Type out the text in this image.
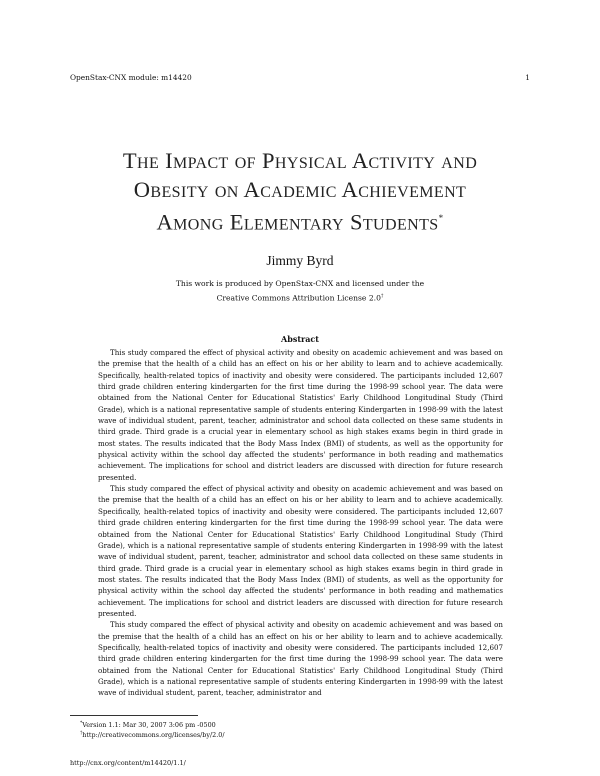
OpenStax-CNX module: m14420	1
The Impact of Physical Activity and
Obesity on Academic Achievement
Among Elementary Students*
Jimmy Byrd
This work is produced by OpenStax-CNX and licensed under the
Creative Commons Attribution License 2.0†
Abstract

This study compared the effect of physical activity and obesity on academic achievement and was based on the premise that the health of a child has an effect on his or her ability to learn and to achieve academically. Specifically, health-related topics of inactivity and obesity were considered. The participants included 12,607 third grade children entering kindergarten for the first time during the 1998-99 school year. The data were obtained from the National Center for Educational Statistics' Early Childhood Longitudinal Study (Third Grade), which is a national representative sample of students entering Kindergarten in 1998-99 with the latest wave of individual student, parent, teacher, administrator and school data collected on these same students in third grade. Third grade is a crucial year in elementary school as high stakes exams begin in third grade in most states. The results indicated that the Body Mass Index (BMI) of students, as well as the opportunity for physical activity within the school day affected the students' performance in both reading and mathematics achievement. The implications for school and district leaders are discussed with direction for future research presented.

This study compared the effect of physical activity and obesity on academic achievement and was based on the premise that the health of a child has an effect on his or her ability to learn and to achieve academically. Specifically, health-related topics of inactivity and obesity were considered. The participants included 12,607 third grade children entering kindergarten for the first time during the 1998-99 school year. The data were obtained from the National Center for Educational Statistics' Early Childhood Longitudinal Study (Third Grade), which is a national representative sample of students entering Kindergarten in 1998-99 with the latest wave of individual student, parent, teacher, administrator and school data collected on these same students in third grade. Third grade is a crucial year in elementary school as high stakes exams begin in third grade in most states. The results indicated that the Body Mass Index (BMI) of students, as well as the opportunity for physical activity within the school day affected the students' performance in both reading and mathematics achievement. The implications for school and district leaders are discussed with direction for future research presented.

This study compared the effect of physical activity and obesity on academic achievement and was based on the premise that the health of a child has an effect on his or her ability to learn and to achieve academically. Specifically, health-related topics of inactivity and obesity were considered. The participants included 12,607 third grade children entering kindergarten for the first time during the 1998-99 school year. The data were obtained from the National Center for Educational Statistics' Early Childhood Longitudinal Study (Third Grade), which is a national representative sample of students entering Kindergarten in 1998-99 with the latest wave of individual student, parent, teacher, administrator and

*Version 1.1: Mar 30, 2007 3:06 pm -0500
†http://creativecommons.org/licenses/by/2.0/
http://cnx.org/content/m14420/1.1/
